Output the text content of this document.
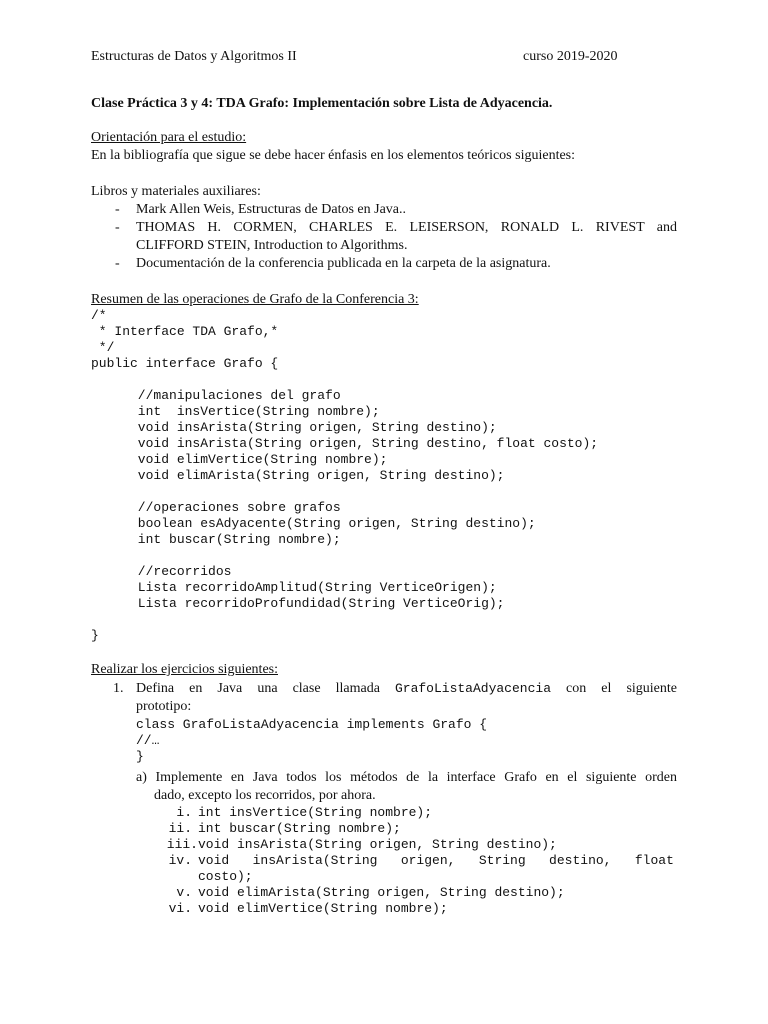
Estructuras de Datos y Algoritmos II	curso 2019-2020
Clase Práctica 3 y 4: TDA Grafo: Implementación sobre Lista de Adyacencia.
Orientación para el estudio:
En la bibliografía que sigue se debe hacer énfasis en los elementos teóricos siguientes:
Libros y materiales auxiliares:
- Mark Allen Weis, Estructuras de Datos en Java..
- THOMAS H. CORMEN, CHARLES E. LEISERSON, RONALD L. RIVEST and
CLIFFORD STEIN, Introduction to Algorithms.
- Documentación de la conferencia publicada en la carpeta de la asignatura.
Resumen de las operaciones de Grafo de la Conferencia 3:
/*
* Interface TDA Grafo,*
*/
public interface Grafo {
//manipulaciones del grafo
int  insVertice(String nombre);
void insArista(String origen, String destino);
void insArista(String origen, String destino, float costo);
void elimVertice(String nombre);
void elimArista(String origen, String destino);
//operaciones sobre grafos
boolean esAdyacente(String origen, String destino);
int buscar(String nombre);
//recorridos
Lista recorridoAmplitud(String VerticeOrigen);
Lista recorridoProfundidad(String VerticeOrig);
}
Realizar los ejercicios siguientes:
1. Defina en Java una clase llamada GrafoListaAdyacencia con el siguiente
prototipo:
class GrafoListaAdyacencia implements Grafo {
//…
}
a) Implemente en Java todos los métodos de la interface Grafo en el siguiente orden
dado, excepto los recorridos, por ahora.
i. int insVertice(String nombre);
ii. int buscar(String nombre);
iii. void insArista(String origen, String destino);
iv. void   insArista(String   origen,   String   destino,   float
costo);
v. void elimArista(String origen, String destino);
vi. void elimVertice(String nombre);
